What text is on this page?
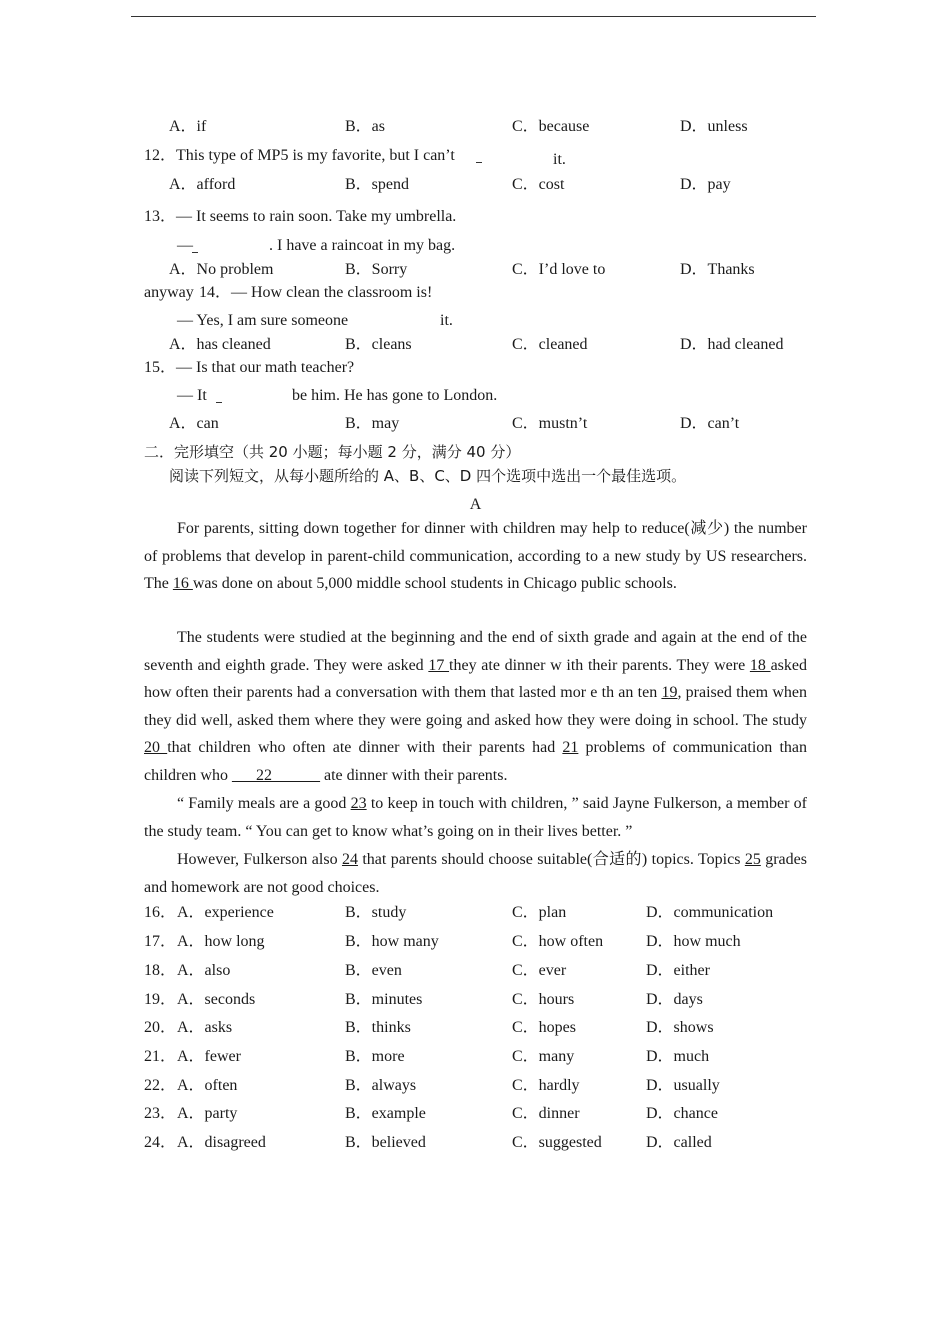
A．if	B．as	C．because	D．unless
12．This type of MP5 is my favorite, but I can’t	it.
A．afford	B．spend	C．cost	D．pay
13．— It seems to rain soon. Take my umbrella.
—	. I have a raincoat in my bag.
A．No problem	B．Sorry	C．I’d love to	D．Thanks
anyway 14．— How clean the classroom is!
— Yes, I am sure someone	it.
A．has cleaned	B．cleans	C．cleaned	D．had cleaned
15．— Is that our math teacher?
— It	be him. He has gone to London.
A．can	B．may	C．mustn’t	D．can’t
二．完形填空（共 20 小题；每小题 2 分，满分 40 分）
阅读下列短文，从每小题所给的 A、B、C、D 四个选项中选出一个最佳选项。
A
For parents, sitting down together for dinner with children may help to reduce(减少) the number of problems that develop in parent-child communication, according to a new study by US researchers. The 16 was done on about 5,000 middle school students in Chicago public schools.
The students were studied at the beginning and the end of sixth grade and again at the end of the seventh and eighth grade. They were asked 17 they ate dinner w ith their parents. They were 18 asked how often their parents had a conversation with them that lasted mor e th an ten 19, praised them when they did well, asked them where they were going and asked how they were doing in school. The study 20 that children who often ate dinner with their parents had 21 problems of communication than children who ___22______ ate dinner with their parents.
“ Family meals are a good 23 to keep in touch with children, ” said Jayne Fulkerson, a member of the study team. “ You can get to know what’s going on in their lives better. ”
However, Fulkerson also 24 that parents should choose suitable(合适的) topics. Topics 25 grades and homework are not good choices.
16． A．experience	B．study	C．plan	D．communication
17． A．how long	B．how many	C．how often	D．how much
18． A．also	B．even	C．ever	D．either
19． A．seconds	B．minutes	C．hours	D．days
20． A．asks	B．thinks	C．hopes	D．shows
21． A．fewer	B．more	C．many	D．much
22． A．often	B．always	C．hardly	D．usually
23． A．party	B．example	C．dinner	D．chance
24． A．disagreed	B．believed	C．suggested	D．called
